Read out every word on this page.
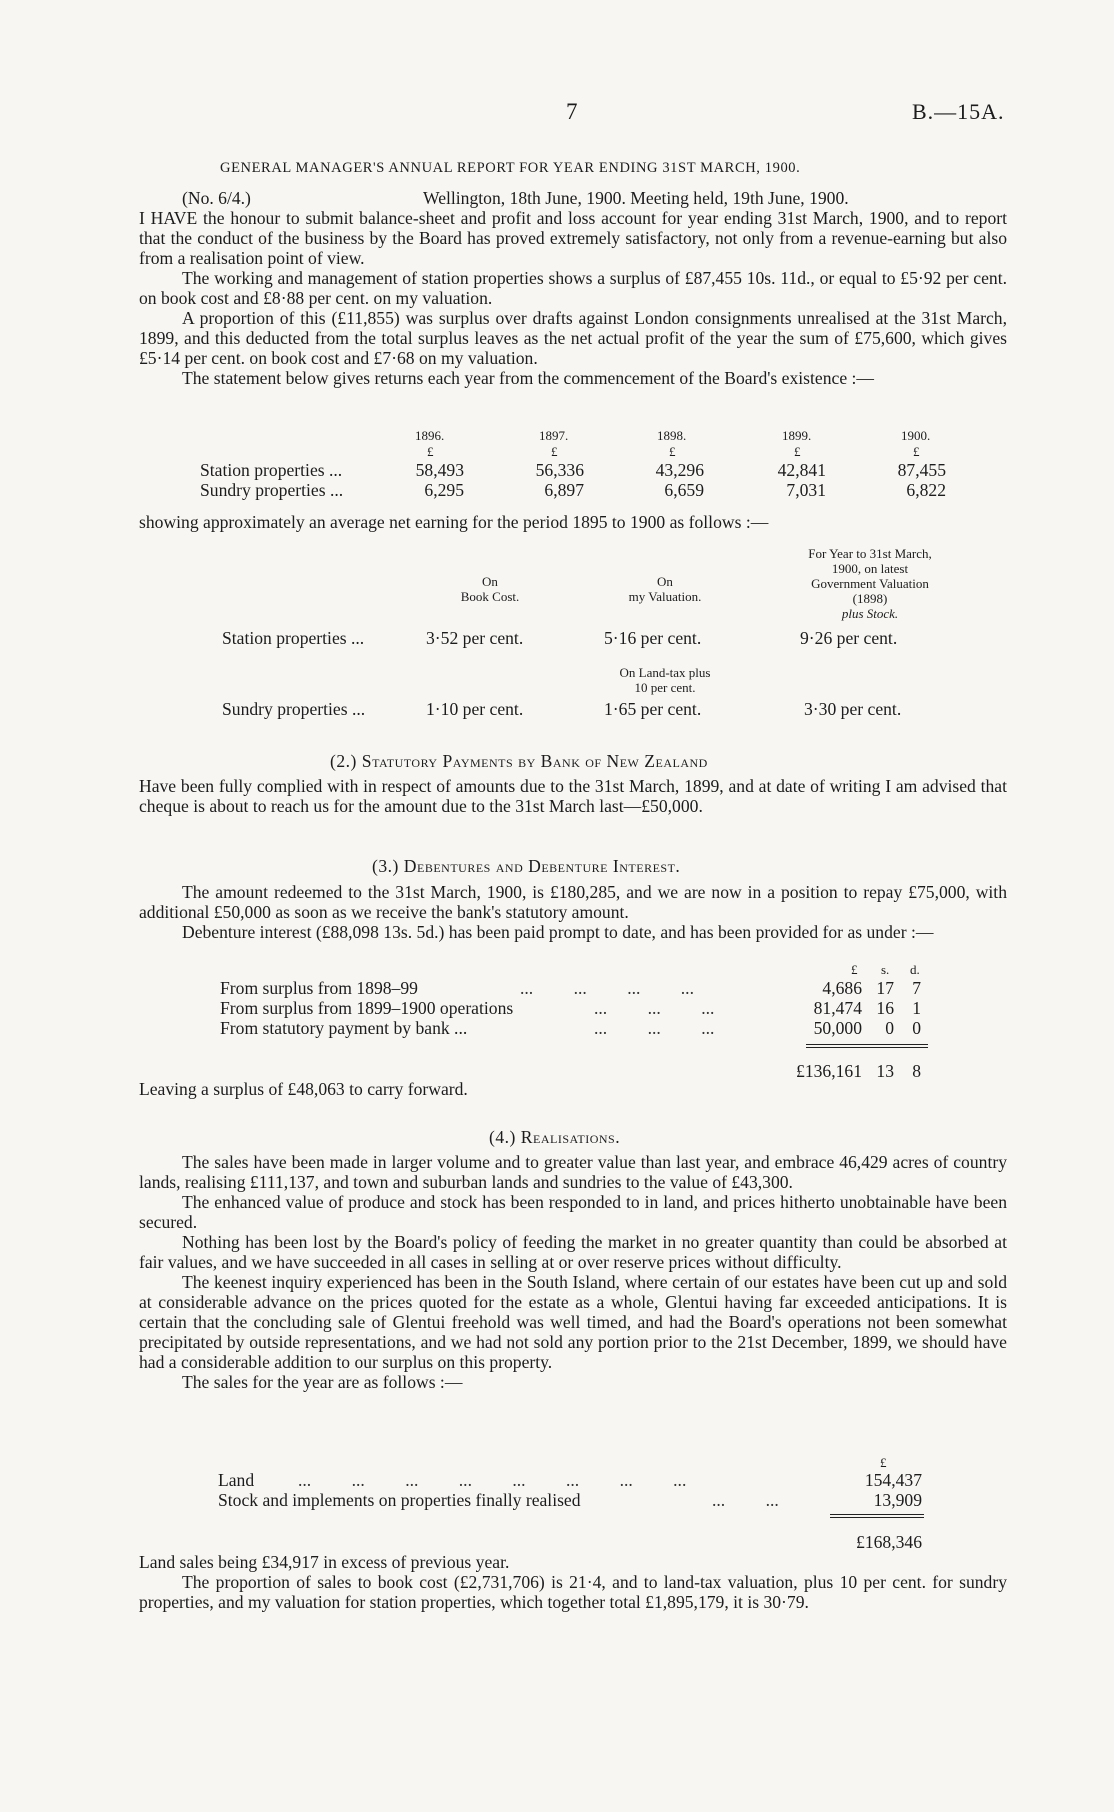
7	B.—15A.
GENERAL MANAGER'S ANNUAL REPORT FOR YEAR ENDING 31ST MARCH, 1900.
(No. 6/4.)	Wellington, 18th June, 1900. Meeting held, 19th June, 1900.

I HAVE the honour to submit balance-sheet and profit and loss account for year ending 31st March, 1900, and to report that the conduct of the business by the Board has proved extremely satisfactory, not only from a revenue-earning but also from a realisation point of view.

The working and management of station properties shows a surplus of £87,455 10s. 11d., or equal to £5·92 per cent. on book cost and £8·88 per cent. on my valuation.

A proportion of this (£11,855) was surplus over drafts against London consignments unrealised at the 31st March, 1899, and this deducted from the total surplus leaves as the net actual profit of the year the sum of £75,600, which gives £5·14 per cent. on book cost and £7·68 on my valuation.

The statement below gives returns each year from the commencement of the Board's existence :—

1896.	1897.	1898.	1899.	1900.
£	£	£	£	£
Station properties ...	58,493	56,336	43,296	42,841	87,455
Sundry properties ...	6,295	6,897	6,659	7,031	6,822
showing approximately an average net earning for the period 1895 to 1900 as follows :—
On
Book Cost.
On
my Valuation.
For Year to 31st March,
1900, on latest
Government Valuation
(1898)
plus Stock.
Station properties ...	3·52 per cent.	5·16 per cent.	9·26 per cent.
On Land-tax plus
10 per cent.
Sundry properties ...	1·10 per cent.	1·65 per cent.	3·30 per cent.
(2.) Statutory Payments by Bank of New Zealand

Have been fully complied with in respect of amounts due to the 31st March, 1899, and at date of writing I am advised that cheque is about to reach us for the amount due to the 31st March last—£50,000.

(3.) Debentures and Debenture Interest.

The amount redeemed to the 31st March, 1900, is £180,285, and we are now in a position to repay £75,000, with additional £50,000 as soon as we receive the bank's statutory amount.

Debenture interest (£88,098 13s. 5d.) has been paid prompt to date, and has been provided for as under :—

£ s. d.
From surplus from 1898–99	... ... ... ...	4,686 17	7
From surplus from 1899–1900 operations	... ... ...	81,474 16	1
From statutory payment by bank ...	... ... ...	50,000	0	0
£136,161 13	8
Leaving a surplus of £48,063 to carry forward.
(4.) Realisations.

The sales have been made in larger volume and to greater value than last year, and embrace 46,429 acres of country lands, realising £111,137, and town and suburban lands and sundries to the value of £43,300.

The enhanced value of produce and stock has been responded to in land, and prices hitherto unobtainable have been secured.

Nothing has been lost by the Board's policy of feeding the market in no greater quantity than could be absorbed at fair values, and we have succeeded in all cases in selling at or over reserve prices without difficulty.

The keenest inquiry experienced has been in the South Island, where certain of our estates have been cut up and sold at considerable advance on the prices quoted for the estate as a whole, Glentui having far exceeded anticipations. It is certain that the concluding sale of Glentui freehold was well timed, and had the Board's operations not been somewhat precipitated by outside representations, and we had not sold any portion prior to the 21st December, 1899, we should have had a considerable addition to our surplus on this property.

The sales for the year are as follows :—

£
Land ... ... ... ... ... ... ... ...	154,437
Stock and implements on properties finally realised	... ...	13,909
£168,346

Land sales being £34,917 in excess of previous year.

The proportion of sales to book cost (£2,731,706) is 21·4, and to land-tax valuation, plus 10 per cent. for sundry properties, and my valuation for station properties, which together total £1,895,179, it is 30·79.
